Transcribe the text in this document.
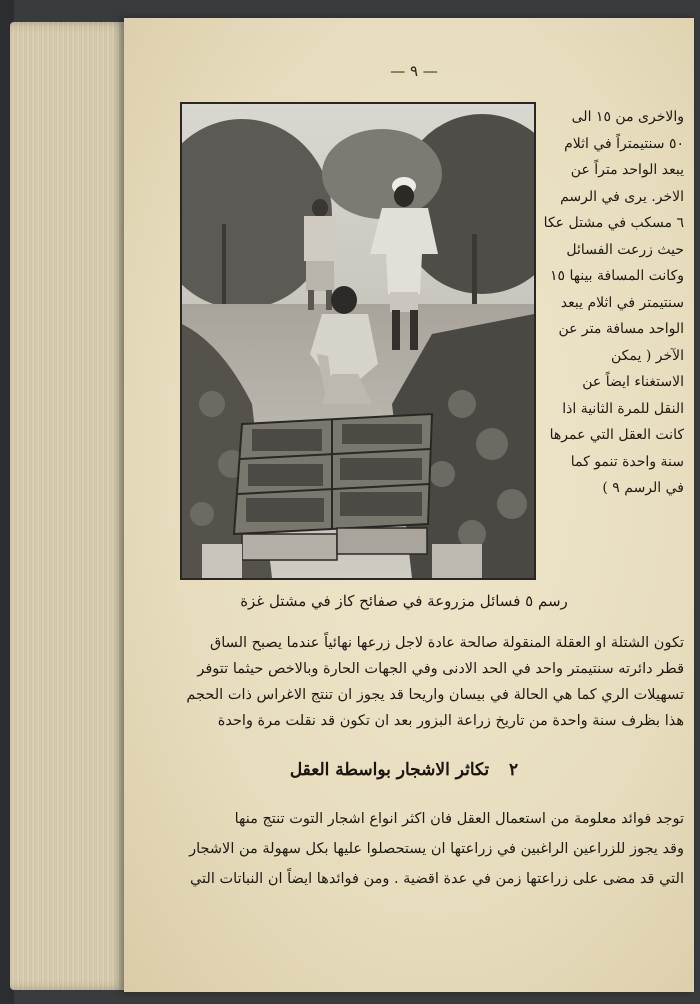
— ٩ —
والاخرى من ١٥ الى
٥٠ سنتيمتراً في اثلام
يبعد الواحد متراً عن
الاخر. يرى في الرسم
٦ مسكب في مشتل عكا
حيث زرعت الفسائل
وكانت المسافة بينها ١٥
سنتيمتر في اثلام يبعد
الواحد مسافة متر عن
الآخر ( يمكن
الاستغناء ايضاً عن
النقل للمرة الثانية اذا
كانت العقل التي عمرها
سنة واحدة تنمو كما
في الرسم ٩ )
رسم ٥ فسائل مزروعة في صفائح كاز في مشتل غزة
تكون الشتلة او العقلة المنقولة صالحة عادة لاجل زرعها نهائياً عندما يصبح الساق
قطر دائرته سنتيمتر واحد في الحد الادنى وفي الجهات الحارة وبالاخص حيثما تتوفر
تسهيلات الري كما هي الحالة في بيسان واريحا قد يجوز ان تنتج الاغراس ذات الحجم
هذا بظرف سنة واحدة من تاريخ زراعة البزور بعد ان تكون قد نقلت مرة واحدة
٢ تكاثر الاشجار بواسطة العقل
توجد فوائد معلومة من استعمال العقل فان اكثر انواع اشجار التوت تنتج منها
وقد يجوز للزراعين الراغبين في زراعتها ان يستحصلوا عليها بكل سهولة من الاشجار
التي قد مضى على زراعتها زمن في عدة اقضية . ومن فوائدها ايضاً ان النباتات التي
